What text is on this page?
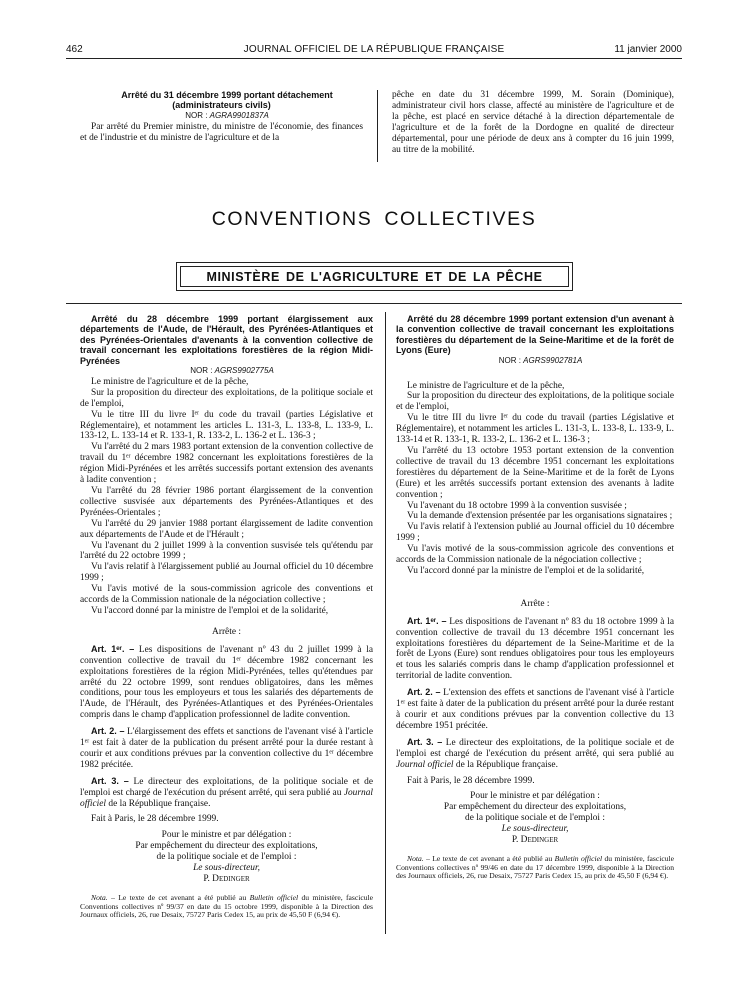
462	JOURNAL OFFICIEL DE LA RÉPUBLIQUE FRANÇAISE	11 janvier 2000

Arrêté du 31 décembre 1999 portant détachement (administrateurs civils)

NOR : AGRA9901837A

Par arrêté du Premier ministre, du ministre de l'économie, des finances et de l'industrie et du ministre de l'agriculture et de la

pêche en date du 31 décembre 1999, M. Sorain (Dominique), administrateur civil hors classe, affecté au ministère de l'agriculture et de la pêche, est placé en service détaché à la direction départementale de l'agriculture et de la forêt de la Dordogne en qualité de directeur départemental, pour une période de deux ans à compter du 16 juin 1999, au titre de la mobilité.

CONVENTIONS COLLECTIVES
MINISTÈRE DE L'AGRICULTURE ET DE LA PÊCHE

Arrêté du 28 décembre 1999 portant élargissement aux départements de l'Aude, de l'Hérault, des Pyrénées-Atlantiques et des Pyrénées-Orientales d'avenants à la convention collective de travail concernant les exploitations forestières de la région Midi-Pyrénées

NOR : AGRS9902775A

Le ministre de l'agriculture et de la pêche,

Sur la proposition du directeur des exploitations, de la politique sociale et de l'emploi,

Vu le titre III du livre Iᵉʳ du code du travail (parties Législative et Réglementaire), et notamment les articles L. 131-3, L. 133-8, L. 133-9, L. 133-12, L. 133-14 et R. 133-1, R. 133-2, L. 136-2 et L. 136-3 ;

Vu l'arrêté du 2 mars 1983 portant extension de la convention collective de travail du 1ᵉʳ décembre 1982 concernant les exploitations forestières de la région Midi-Pyrénées et les arrêtés successifs portant extension des avenants à ladite convention ;

Vu l'arrêté du 28 février 1986 portant élargissement de la convention collective susvisée aux départements des Pyrénées-Atlantiques et des Pyrénées-Orientales ;

Vu l'arrêté du 29 janvier 1988 portant élargissement de ladite convention aux départements de l'Aude et de l'Hérault ;

Vu l'avenant du 2 juillet 1999 à la convention susvisée tels qu'étendu par l'arrêté du 22 octobre 1999 ;

Vu l'avis relatif à l'élargissement publié au Journal officiel du 10 décembre 1999 ;

Vu l'avis motivé de la sous-commission agricole des conventions et accords de la Commission nationale de la négociation collective ;

Vu l'accord donné par la ministre de l'emploi et de la solidarité,

Arrête :

Art. 1ᵉʳ. – Les dispositions de l'avenant nº 43 du 2 juillet 1999 à la convention collective de travail du 1ᵉʳ décembre 1982 concernant les exploitations forestières de la région Midi-Pyrénées, telles qu'étendues par arrêté du 22 octobre 1999, sont rendues obligatoires, dans les mêmes conditions, pour tous les employeurs et tous les salariés des départements de l'Aude, de l'Hérault, des Pyrénées-Atlantiques et des Pyrénées-Orientales compris dans le champ d'application professionnel de ladite convention.

Art. 2. – L'élargissement des effets et sanctions de l'avenant visé à l'article 1ᵉʳ est fait à dater de la publication du présent arrêté pour la durée restant à courir et aux conditions prévues par la convention collective du 1ᵉʳ décembre 1982 précitée.

Art. 3. – Le directeur des exploitations, de la politique sociale et de l'emploi est chargé de l'exécution du présent arrêté, qui sera publié au Journal officiel de la République française.

Fait à Paris, le 28 décembre 1999.

Pour le ministre et par délégation :

Par empêchement du directeur des exploitations,

de la politique sociale et de l'emploi :

Le sous-directeur,

P. Dedinger

Nota. – Le texte de cet avenant a été publié au Bulletin officiel du ministère, fascicule Conventions collectives nº 99/37 en date du 15 octobre 1999, disponible à la Direction des Journaux officiels, 26, rue Desaix, 75727 Paris Cedex 15, au prix de 45,50 F (6,94 €).

Arrêté du 28 décembre 1999 portant extension d'un avenant à la convention collective de travail concernant les exploitations forestières du département de la Seine-Maritime et de la forêt de Lyons (Eure)

NOR : AGRS9902781A

Le ministre de l'agriculture et de la pêche,

Sur la proposition du directeur des exploitations, de la politique sociale et de l'emploi,

Vu le titre III du livre Iᵉʳ du code du travail (parties Législative et Réglementaire), et notamment les articles L. 131-3, L. 133-8, L. 133-9, L. 133-14 et R. 133-1, R. 133-2, L. 136-2 et L. 136-3 ;

Vu l'arrêté du 13 octobre 1953 portant extension de la convention collective de travail du 13 décembre 1951 concernant les exploitations forestières du département de la Seine-Maritime et de la forêt de Lyons (Eure) et les arrêtés successifs portant extension des avenants à ladite convention ;

Vu l'avenant du 18 octobre 1999 à la convention susvisée ;

Vu la demande d'extension présentée par les organisations signataires ;

Vu l'avis relatif à l'extension publié au Journal officiel du 10 décembre 1999 ;

Vu l'avis motivé de la sous-commission agricole des conventions et accords de la Commission nationale de la négociation collective ;

Vu l'accord donné par la ministre de l'emploi et de la solidarité,

Arrête :

Art. 1ᵉʳ. – Les dispositions de l'avenant nº 83 du 18 octobre 1999 à la convention collective de travail du 13 décembre 1951 concernant les exploitations forestières du département de la Seine-Maritime et de la forêt de Lyons (Eure) sont rendues obligatoires pour tous les employeurs et tous les salariés compris dans le champ d'application professionnel et territorial de ladite convention.

Art. 2. – L'extension des effets et sanctions de l'avenant visé à l'article 1ᵉʳ est faite à dater de la publication du présent arrêté pour la durée restant à courir et aux conditions prévues par la convention collective du 13 décembre 1951 précitée.

Art. 3. – Le directeur des exploitations, de la politique sociale et de l'emploi est chargé de l'exécution du présent arrêté, qui sera publié au Journal officiel de la République française.

Fait à Paris, le 28 décembre 1999.

Pour le ministre et par délégation :

Par empêchement du directeur des exploitations,

de la politique sociale et de l'emploi :

Le sous-directeur,

P. Dedinger

Nota. – Le texte de cet avenant a été publié au Bulletin officiel du ministère, fascicule Conventions collectives nº 99/46 en date du 17 décembre 1999, disponible à la Direction des Journaux officiels, 26, rue Desaix, 75727 Paris Cedex 15, au prix de 45,50 F (6,94 €).
